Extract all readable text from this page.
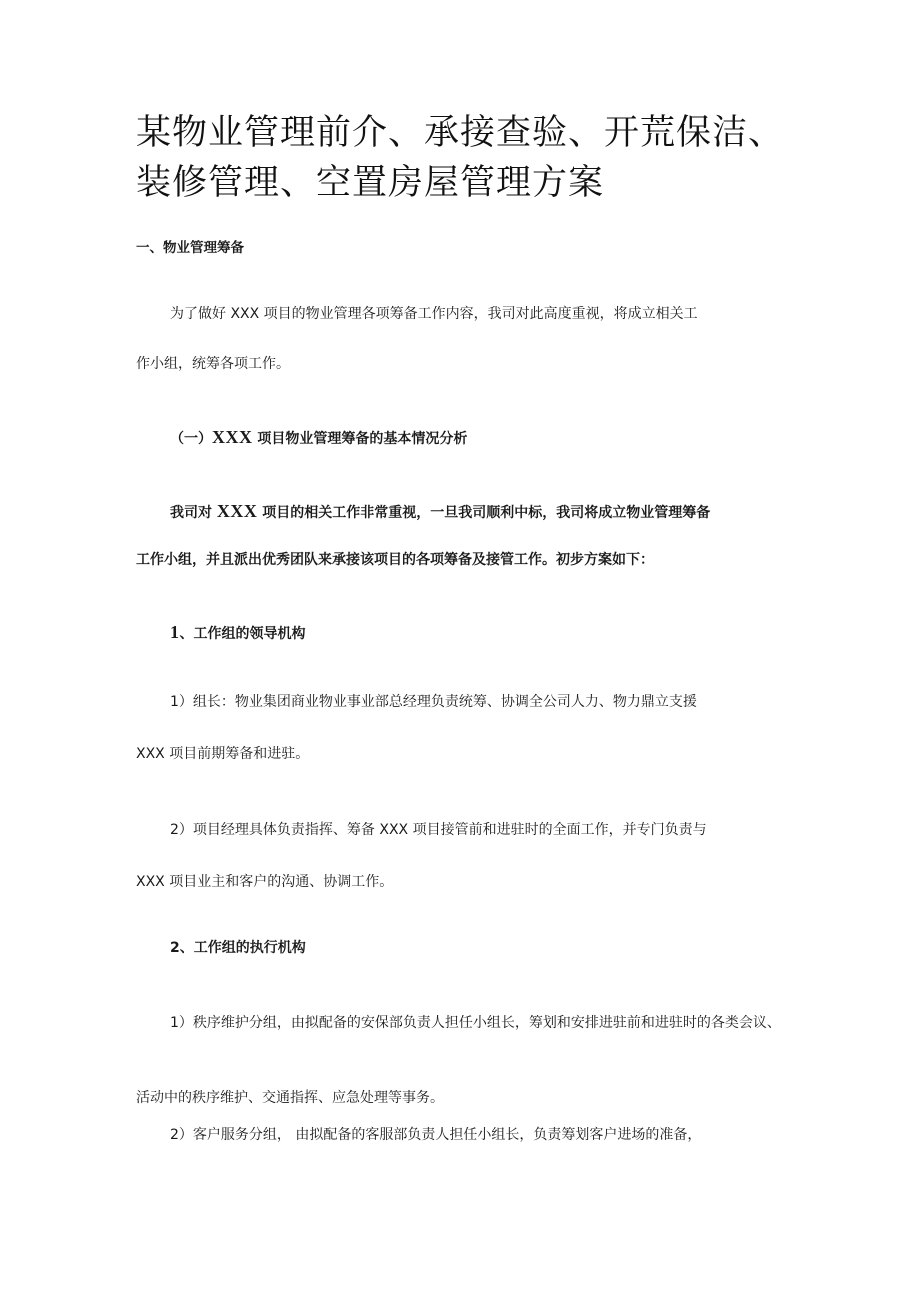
某物业管理前介、承接查验、开荒保洁、装修管理、空置房屋管理方案

一、物业管理筹备

为了做好 XXX 项目的物业管理各项筹备工作内容，我司对此高度重视，将成立相关工

作小组，统筹各项工作。

（一）XXX 项目物业管理筹备的基本情况分析

我司对 XXX 项目的相关工作非常重视，一旦我司顺利中标，我司将成立物业管理筹备

工作小组，并且派出优秀团队来承接该项目的各项筹备及接管工作。初步方案如下：

1、工作组的领导机构

1）组长：物业集团商业物业事业部总经理负责统筹、协调全公司人力、物力鼎立支援

XXX 项目前期筹备和进驻。

2）项目经理具体负责指挥、筹备 XXX 项目接管前和进驻时的全面工作，并专门负责与

XXX 项目业主和客户的沟通、协调工作。

2、工作组的执行机构

1）秩序维护分组，由拟配备的安保部负责人担任小组长，筹划和安排进驻前和进驻时的各类会议、

活动中的秩序维护、交通指挥、应急处理等事务。

2）客户服务分组， 由拟配备的客服部负责人担任小组长，负责筹划客户进场的准备，
